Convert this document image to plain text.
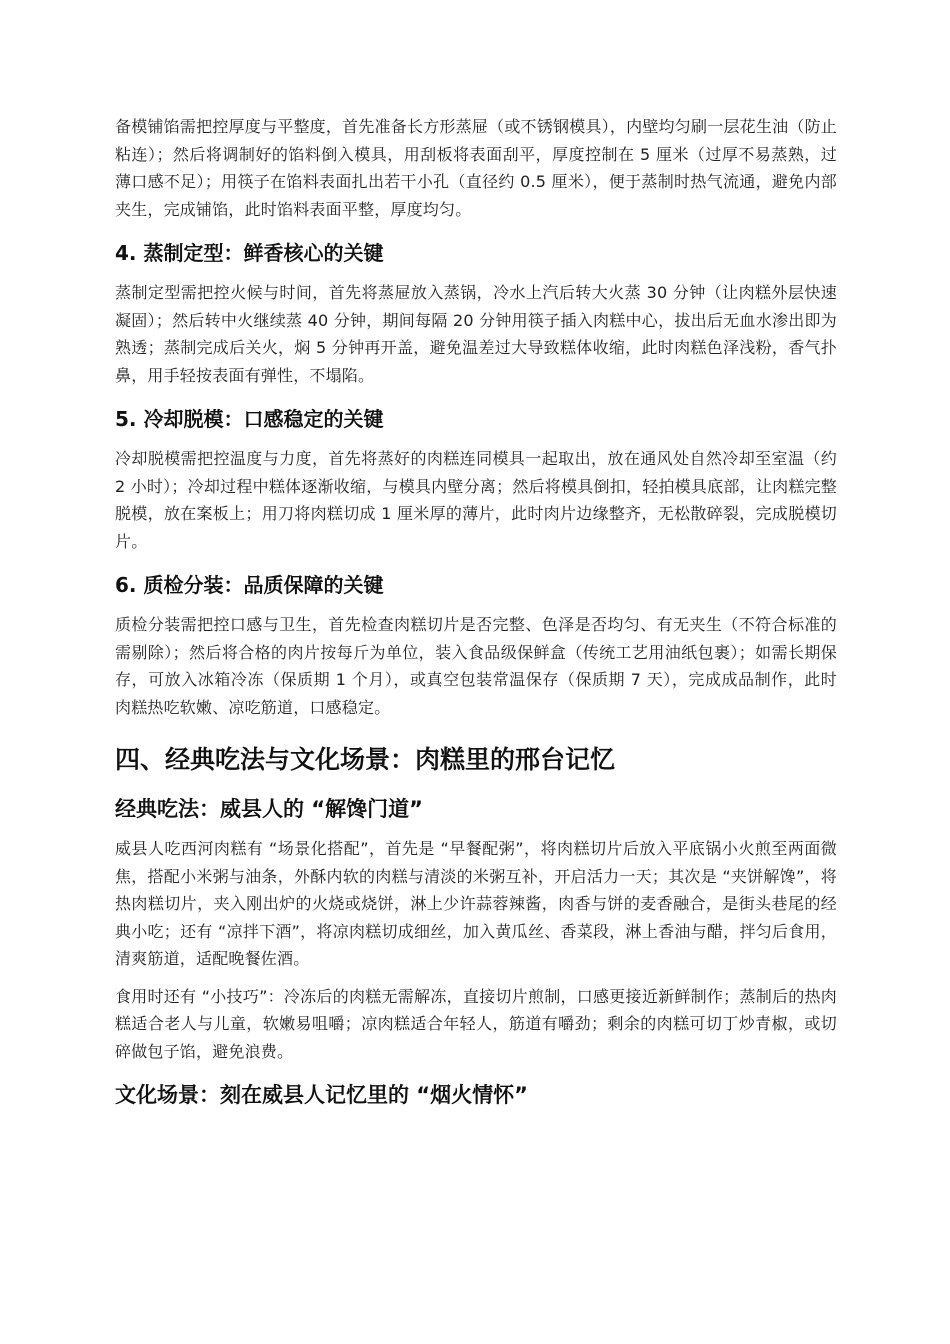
备模铺馅需把控厚度与平整度，首先准备长方形蒸屉（或不锈钢模具），内壁均匀刷一层花生油（防止粘连）；然后将调制好的馅料倒入模具，用刮板将表面刮平，厚度控制在 5 厘米（过厚不易蒸熟，过薄口感不足）；用筷子在馅料表面扎出若干小孔（直径约 0.5 厘米），便于蒸制时热气流通，避免内部夹生，完成铺馅，此时馅料表面平整，厚度均匀。

4. 蒸制定型：鲜香核心的关键

蒸制定型需把控火候与时间，首先将蒸屉放入蒸锅，冷水上汽后转大火蒸 30 分钟（让肉糕外层快速凝固）；然后转中火继续蒸 40 分钟，期间每隔 20 分钟用筷子插入肉糕中心，拔出后无血水渗出即为熟透；蒸制完成后关火，焖 5 分钟再开盖，避免温差过大导致糕体收缩，此时肉糕色泽浅粉，香气扑鼻，用手轻按表面有弹性，不塌陷。

5. 冷却脱模：口感稳定的关键

冷却脱模需把控温度与力度，首先将蒸好的肉糕连同模具一起取出，放在通风处自然冷却至室温（约 2 小时）；冷却过程中糕体逐渐收缩，与模具内壁分离；然后将模具倒扣，轻拍模具底部，让肉糕完整脱模，放在案板上；用刀将肉糕切成 1 厘米厚的薄片，此时肉片边缘整齐，无松散碎裂，完成脱模切片。

6. 质检分装：品质保障的关键

质检分装需把控口感与卫生，首先检查肉糕切片是否完整、色泽是否均匀、有无夹生（不符合标准的需剔除）；然后将合格的肉片按每斤为单位，装入食品级保鲜盒（传统工艺用油纸包裹）；如需长期保存，可放入冰箱冷冻（保质期 1 个月），或真空包装常温保存（保质期 7 天），完成成品制作，此时肉糕热吃软嫩、凉吃筋道，口感稳定。

四、经典吃法与文化场景：肉糕里的邢台记忆
经典吃法：威县人的 “解馋门道”

威县人吃西河肉糕有 “场景化搭配”，首先是 “早餐配粥”，将肉糕切片后放入平底锅小火煎至两面微焦，搭配小米粥与油条，外酥内软的肉糕与清淡的米粥互补，开启活力一天；其次是 “夹饼解馋”，将热肉糕切片，夹入刚出炉的火烧或烧饼，淋上少许蒜蓉辣酱，肉香与饼的麦香融合，是街头巷尾的经典小吃；还有 “凉拌下酒”，将凉肉糕切成细丝，加入黄瓜丝、香菜段，淋上香油与醋，拌匀后食用，清爽筋道，适配晚餐佐酒。

食用时还有 “小技巧”：冷冻后的肉糕无需解冻，直接切片煎制，口感更接近新鲜制作；蒸制后的热肉糕适合老人与儿童，软嫩易咀嚼；凉肉糕适合年轻人，筋道有嚼劲；剩余的肉糕可切丁炒青椒，或切碎做包子馅，避免浪费。

文化场景：刻在威县人记忆里的 “烟火情怀”
